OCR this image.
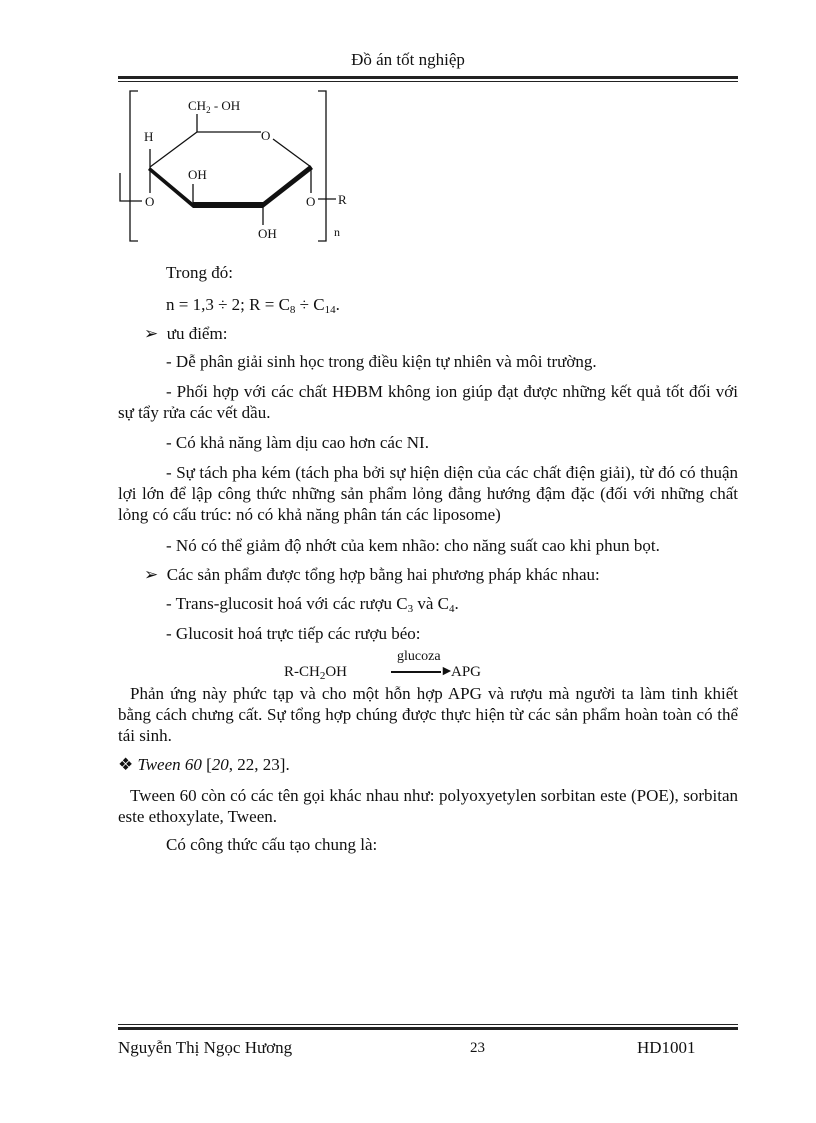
Đồ án tốt nghiệp
$CH_2$ - OH
H	O
OH
O	O R
OH	n
Trong đó:
n = 1,3 ÷ 2; $R = C_8 \div C_{14}$.
➢ ưu điểm:
- Dễ phân giải sinh học trong điều kiện tự nhiên và môi trường.
- Phối hợp với các chất HĐBM không ion giúp đạt được những kết quả tốt đối với sự tẩy rửa các vết dầu.
- Có khả năng làm dịu cao hơn các NI.
- Sự tách pha kém (tách pha bởi sự hiện diện của các chất điện giải), từ đó có thuận lợi lớn để lập công thức những sản phẩm lỏng đẳng hướng đậm đặc (đối với những chất lỏng có cấu trúc: nó có khả năng phân tán các liposome)
- Nó có thể giảm độ nhớt của kem nhão: cho năng suất cao khi phun bọt.
➢ Các sản phẩm được tổng hợp bằng hai phương pháp khác nhau:
- Trans-glucosit hoá với các rượu $C_3$ và $C_4$.
- Glucosit hoá trực tiếp các rượu béo:
$R-CH_2OH$
glucoza
►
APG
Phản ứng này phức tạp và cho một hỗn hợp APG và rượu mà người ta làm tinh khiết bằng cách chưng cất. Sự tổng hợp chúng được thực hiện từ các sản phẩm hoàn toàn có thể tái sinh.
❖ Tween 60 [20, 22, 23].
Tween 60 còn có các tên gọi khác nhau như: polyoxyetylen sorbitan este (POE), sorbitan este ethoxylate, Tween.
Có công thức cấu tạo chung là:
Nguyễn Thị Ngọc Hương	23	HD1001
